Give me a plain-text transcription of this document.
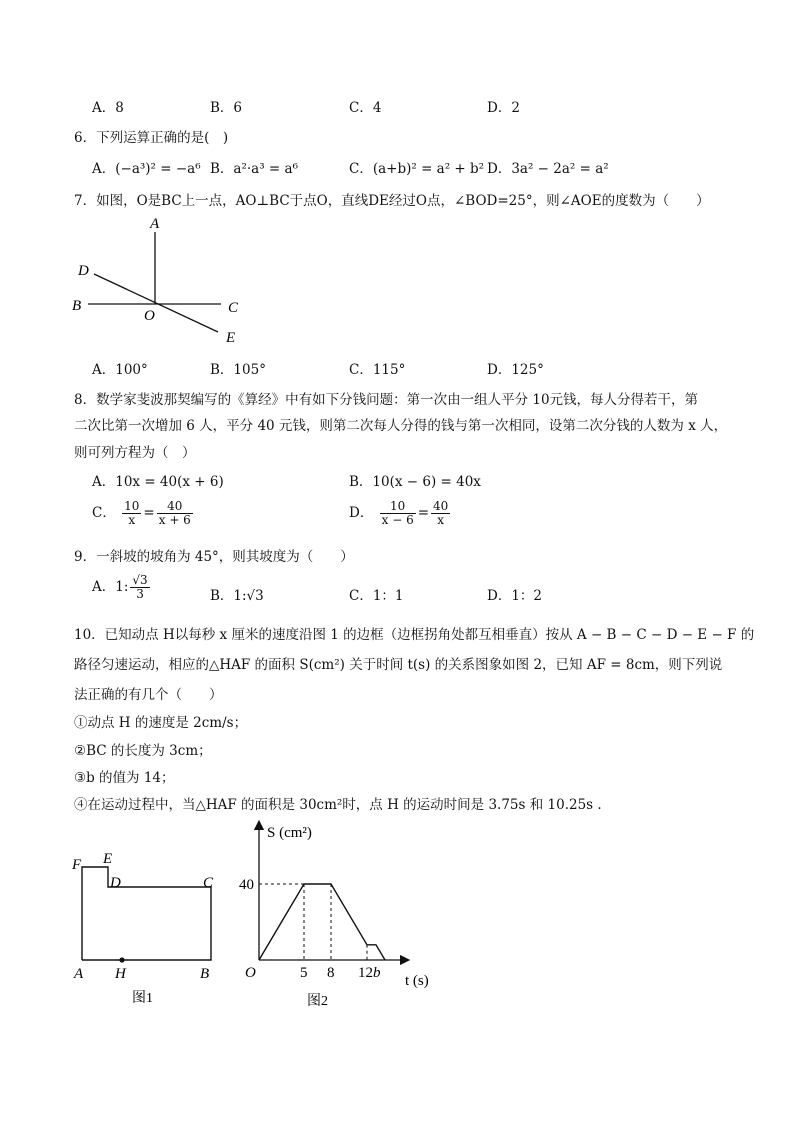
A．8	B．6	C．4	D．2
6．下列运算正确的是(　)
A．(−a³)² = −a⁶ B．a²·a³ = a⁶	C．(a+b)² = a² + b² D．3a² − 2a² = a²
7．如图，O是BC上一点，AO⊥BC于点O，直线DE经过O点，∠BOD=25°，则∠AOE的度数为（　　）
A
D
B	C
O
E
A．100°	B．105°	C．115°	D．125°
8．数学家斐波那契编写的《算经》中有如下分钱问题：第一次由一组人平分 10元钱，每人分得若干，第
二次比第一次增加 6 人，平分 40 元钱，则第二次每人分得的钱与第一次相同，设第二次分钱的人数为 x 人，
则可列方程为（　）
A．10x = 40(x + 6)	B．10(x − 6) = 40x
C． $\frac{10}{x} = \frac{40}{x + 6}$	D． $\frac{10}{x - 6} = \frac{40}{x}$
9．一斜坡的坡角为 45°，则其坡度为（　　）
A．1: $\frac{√3}{3}$	B．1:√3	C．1：1	D．1：2
10．已知动点 H以每秒 x 厘米的速度沿图 1 的边框（边框拐角处都互相垂直）按从 A − B − C − D − E − F 的
路径匀速运动，相应的△HAF 的面积 S(cm²) 关于时间 t(s) 的关系图象如图 2，已知 AF = 8cm，则下列说
法正确的有几个（　　）
①动点 H 的速度是 2cm/s；
②BC 的长度为 3cm；
③b 的值为 14；
④在运动过程中，当△HAF 的面积是 30cm²时，点 H 的运动时间是 3.75s 和 10.25s .
F E
D	C
A H	B
图1
S (cm²)
t (s)
O
40
5 8 12 b
图2
